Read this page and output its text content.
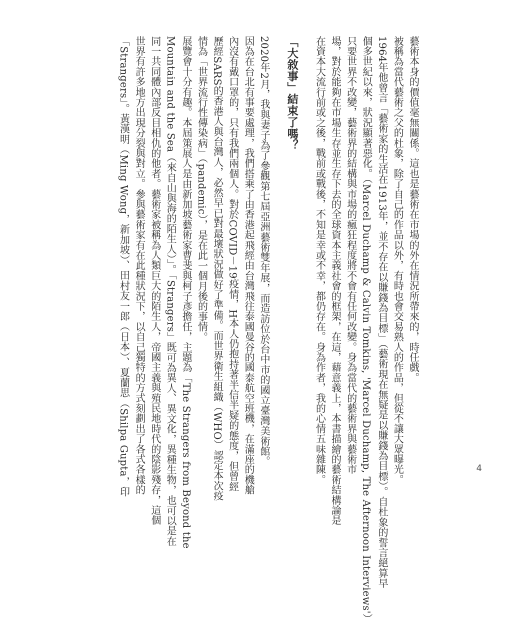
藝術本身的價值毫無關係。這也是藝術在市場的外在情況所帶來的，時任戲。
被稱為當代藝術之父的杜象，除了自己的作品以外，有時也會交易熟人的作品，但從不讓大眾曝光。
1964年他曾言「藝術家的生活在1913年，並不存在以賺錢為目標」（藝術現在無疑是以賺錢為目標）。自杜象的誓言絕算早
個多世紀以來，狀況顯著惡化。（Marcel Duchamp & Calvin Tomkins, 'Marcel Duchamp, The Afternoon Interviews'）
只要世界不改變，藝術界的結構與市場的瘋狂程度將不會有任何改變。身為當代的藝術界與藝術市
場，對於能夠在市場生存並生存下去的全球資本主義社會的框架，在這，藉意義上，本書描繪的藝術結構論是
在資本大流行前或之後，戰前或戰後，不知是幸或不幸，都仍存在。身為作者，我的心情五味雜陳。
「大敘事」結束了嗎？
2020年2月，我與妻子為了參觀第七屆亞洲藝術雙年展，而造訪位於台中市的國立臺灣美術館。
因為在台北有事要處理，我們搭乘了由香港起飛經由台灣飛往泰國曼谷的國泰航空班機，在滿座的機艙
內沒有戴口罩的，只有我們兩個人。對於COVID－19疫情，H本人仍抱持著半信半疑的態度，但曾經
歷經SARS的香港人與台灣人，必然早已對最壞狀況做好了準備。而世界衛生組織（WHO）認定本次疫
情為「世界流行性傳染病」（pandemic），是在此一個月後的事情。
展覽會十分有趣。本屆策展人是由新加坡藝術家曹斐與柯子彥擔任，主題為「The Strangers from Beyond the
Mountain and the Sea（來自山與海的陌生人）」。「Strangers」既可為異人、異文化，異種生物，也可以是在
同一共同體內部反目相仇的他者。藝術家被稱為人類巨大的陌生人，帝國主義與殖民地時代的陰影殘存，這個
世界有許多地方出現分裂與對立。參與藝術家有在此種狀況下，以自己獨特的方式刻劃出了各式各樣的
「Strangers」。黃漢明（Ming Wong，新加坡）、田村友一郎（日本）、夏蘭思（Shilpa Gupta，印	4
